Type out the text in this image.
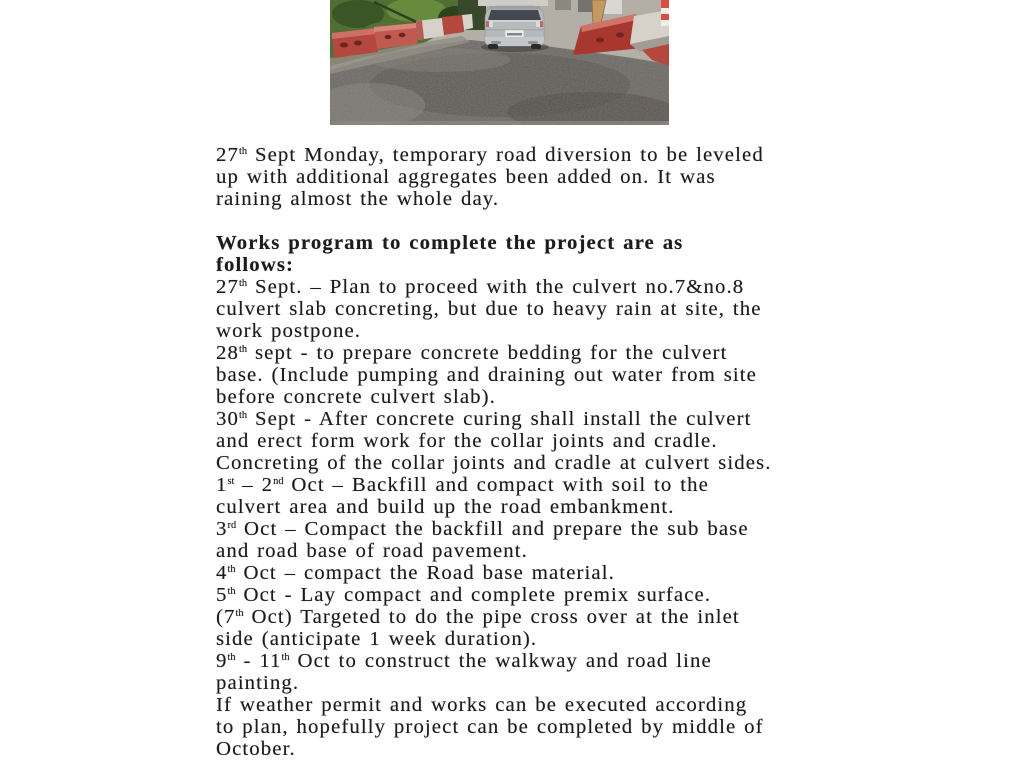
27th Sept Monday, temporary road diversion to be leveled
up with additional aggregates been added on. It was
raining almost the whole day.
Works program to complete the project are as
follows:
27th Sept. – Plan to proceed with the culvert no.7&no.8
culvert slab concreting, but due to heavy rain at site, the
work postpone.
28th sept - to prepare concrete bedding for the culvert
base. (Include pumping and draining out water from site
before concrete culvert slab).
30th Sept - After concrete curing shall install the culvert
and erect form work for the collar joints and cradle.
Concreting of the collar joints and cradle at culvert sides.
1st – 2nd Oct – Backfill and compact with soil to the
culvert area and build up the road embankment.
3rd Oct – Compact the backfill and prepare the sub base
and road base of road pavement.
4th Oct – compact the Road base material.
5th Oct - Lay compact and complete premix surface.
(7th Oct) Targeted to do the pipe cross over at the inlet
side (anticipate 1 week duration).
9th - 11th Oct to construct the walkway and road line
painting.
If weather permit and works can be executed according
to plan, hopefully project can be completed by middle of
October.
